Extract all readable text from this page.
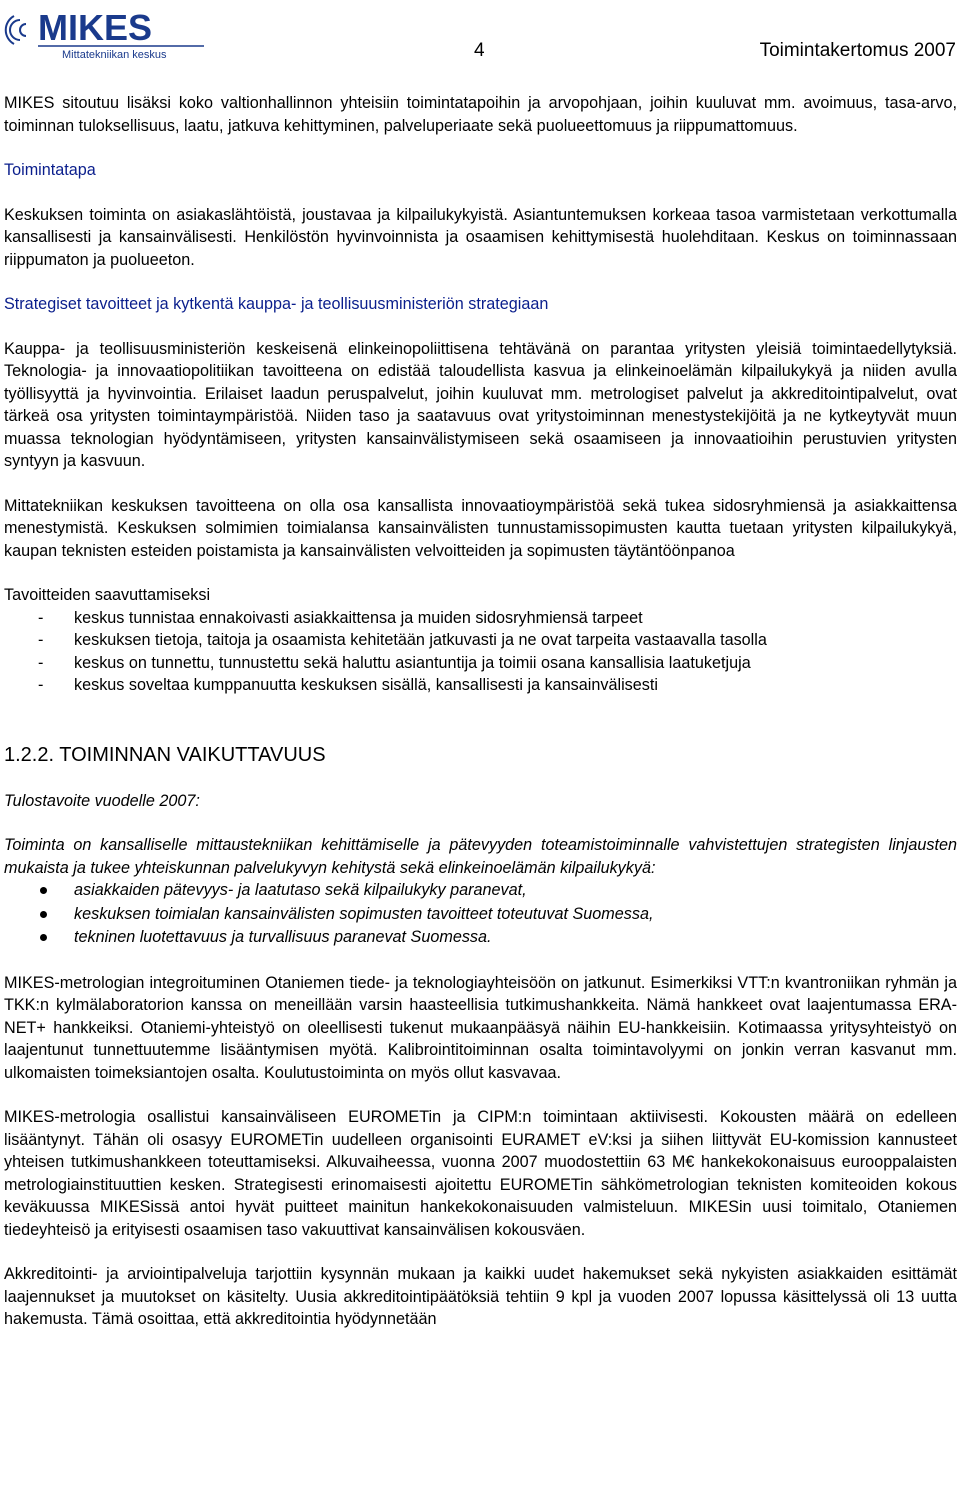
MIKES
Mittatekniikan keskus	4	Toimintakertomus 2007

MIKES sitoutuu lisäksi koko valtionhallinnon yhteisiin toimintatapoihin ja arvopohjaan, joihin kuuluvat mm. avoimuus, tasa-arvo, toiminnan tuloksellisuus, laatu, jatkuva kehittyminen, palveluperiaate sekä puolueettomuus ja riippumattomuus.

Toimintatapa

Keskuksen toiminta on asiakaslähtöistä, joustavaa ja kilpailukykyistä. Asiantuntemuksen korkeaa tasoa varmistetaan verkottumalla kansallisesti ja kansainvälisesti. Henkilöstön hyvinvoinnista ja osaamisen kehittymisestä huolehditaan. Keskus on toiminnassaan riippumaton ja puolueeton.

Strategiset tavoitteet ja kytkentä kauppa- ja teollisuusministeriön strategiaan

Kauppa- ja teollisuusministeriön keskeisenä elinkeinopoliittisena tehtävänä on parantaa yritysten yleisiä toimintaedellytyksiä. Teknologia- ja innovaatiopolitiikan tavoitteena on edistää taloudellista kasvua ja elinkeinoelämän kilpailukykyä ja niiden avulla työllisyyttä ja hyvinvointia. Erilaiset laadun peruspalvelut, joihin kuuluvat mm. metrologiset palvelut ja akkreditointipalvelut, ovat tärkeä osa yritysten toimintaympäristöä. Niiden taso ja saatavuus ovat yritystoiminnan menestystekijöitä ja ne kytkeytyvät muun muassa teknologian hyödyntämiseen, yritysten kansainvälistymiseen sekä osaamiseen ja innovaatioihin perustuvien yritysten syntyyn ja kasvuun.

Mittatekniikan keskuksen tavoitteena on olla osa kansallista innovaatioympäristöä sekä tukea sidosryhmiensä ja asiakkaittensa menestymistä. Keskuksen solmimien toimialansa kansainvälisten tunnustamissopimusten kautta tuetaan yritysten kilpailukykyä, kaupan teknisten esteiden poistamista ja kansainvälisten velvoitteiden ja sopimusten täytäntöönpanoa

Tavoitteiden saavuttamiseksi

- keskus tunnistaa ennakoivasti asiakkaittensa ja muiden sidosryhmiensä tarpeet
- keskuksen tietoja, taitoja ja osaamista kehitetään jatkuvasti ja ne ovat tarpeita vastaavalla tasolla
- keskus on tunnettu, tunnustettu sekä haluttu asiantuntija ja toimii osana kansallisia laatuketjuja
- keskus soveltaa kumppanuutta keskuksen sisällä, kansallisesti ja kansainvälisesti
1.2.2. TOIMINNAN VAIKUTTAVUUS

Tulostavoite vuodelle 2007:

Toiminta on kansalliselle mittaustekniikan kehittämiselle ja pätevyyden toteamistoiminnalle vahvistettujen strategisten linjausten mukaista ja tukee yhteiskunnan palvelukyvyn kehitystä sekä elinkeinoelämän kilpailukykyä:

asiakkaiden pätevyys- ja laatutaso sekä kilpailukyky paranevat,
keskuksen toimialan kansainvälisten sopimusten tavoitteet toteutuvat Suomessa,
tekninen luotettavuus ja turvallisuus paranevat Suomessa.

MIKES-metrologian integroituminen Otaniemen tiede- ja teknologiayhteisöön on jatkunut. Esimerkiksi VTT:n kvantroniikan ryhmän ja TKK:n kylmälaboratorion kanssa on meneillään varsin haasteellisia tutkimushankkeita. Nämä hankkeet ovat laajentumassa ERA-NET+ hankkeiksi. Otaniemi-yhteistyö on oleellisesti tukenut mukaanpääsyä näihin EU-hankkeisiin. Kotimaassa yritysyhteistyö on laajentunut tunnettuutemme lisääntymisen myötä. Kalibrointitoiminnan osalta toimintavolyymi on jonkin verran kasvanut mm. ulkomaisten toimeksiantojen osalta. Koulutustoiminta on myös ollut kasvavaa.

MIKES-metrologia osallistui kansainväliseen EUROMETin ja CIPM:n toimintaan aktiivisesti. Kokousten määrä on edelleen lisääntynyt. Tähän oli osasyy EUROMETin uudelleen organisointi EURAMET eV:ksi ja siihen liittyvät EU-komission kannusteet yhteisen tutkimushankkeen toteuttamiseksi. Alkuvaiheessa, vuonna 2007 muodostettiin 63 M€ hankekokonaisuus eurooppalaisten metrologiainstituuttien kesken. Strategisesti erinomaisesti ajoitettu EUROMETin sähkömetrologian teknisten komiteoiden kokous keväkuussa MIKESissä antoi hyvät puitteet mainitun hankekokonaisuuden valmisteluun. MIKESin uusi toimitalo, Otaniemen tiedeyhteisö ja erityisesti osaamisen taso vakuuttivat kansainvälisen kokousväen.

Akkreditointi- ja arviointipalveluja tarjottiin kysynnän mukaan ja kaikki uudet hakemukset sekä nykyisten asiakkaiden esittämät laajennukset ja muutokset on käsitelty. Uusia akkreditointipäätöksiä tehtiin 9 kpl ja vuoden 2007 lopussa käsittelyssä oli 13 uutta hakemusta. Tämä osoittaa, että akkreditointia hyödynnetään
